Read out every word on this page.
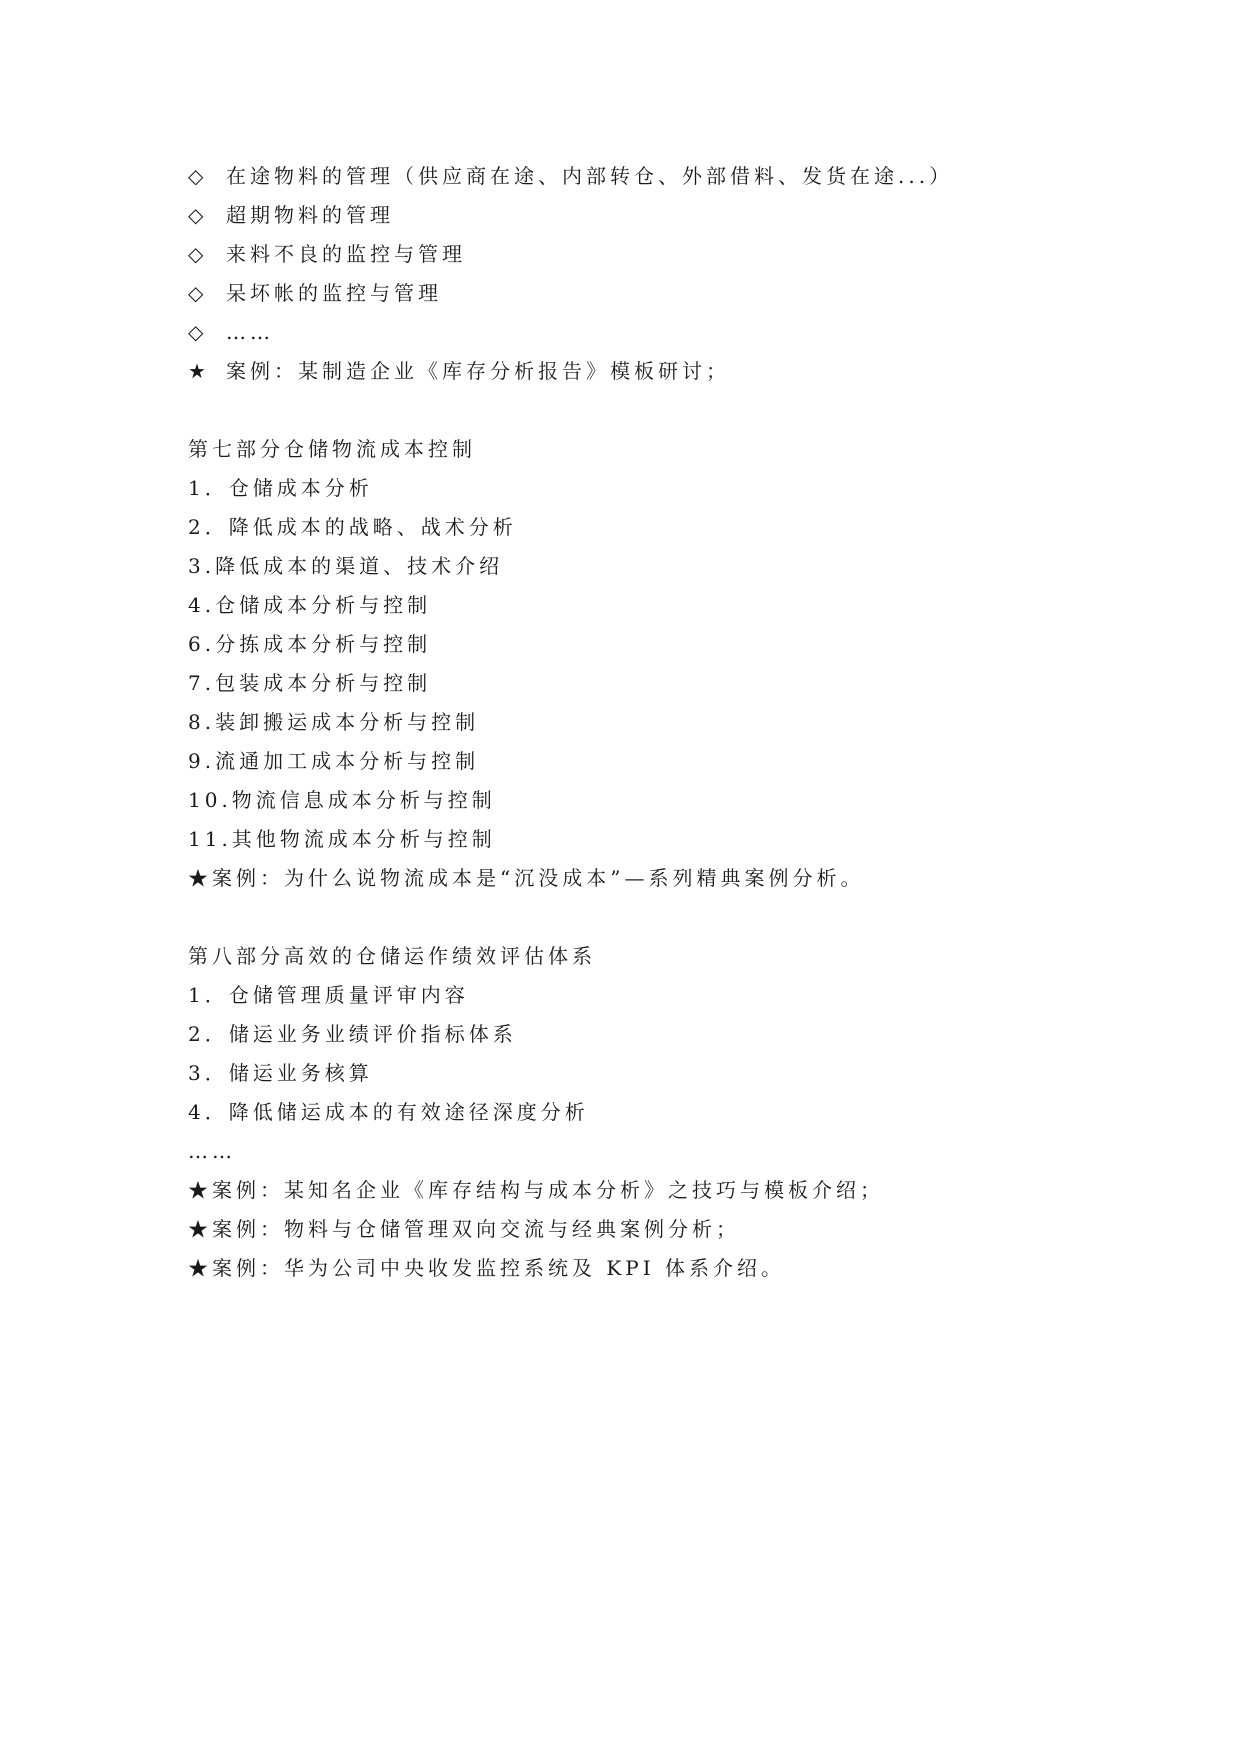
◇ 在途物料的管理（供应商在途、内部转仓、外部借料、发货在途...）
◇ 超期物料的管理
◇ 来料不良的监控与管理
◇ 呆坏帐的监控与管理
◇ ……
★ 案例：某制造企业《库存分析报告》模板研讨；
第七部分仓储物流成本控制
1．仓储成本分析
2．降低成本的战略、战术分析
3.降低成本的渠道、技术介绍
4.仓储成本分析与控制
6.分拣成本分析与控制
7.包装成本分析与控制
8.装卸搬运成本分析与控制
9.流通加工成本分析与控制
10.物流信息成本分析与控制
11.其他物流成本分析与控制
★案例：为什么说物流成本是“沉没成本”—系列精典案例分析。
第八部分高效的仓储运作绩效评估体系
1．仓储管理质量评审内容
2．储运业务业绩评价指标体系
3．储运业务核算
4．降低储运成本的有效途径深度分析
……
★案例：某知名企业《库存结构与成本分析》之技巧与模板介绍；
★案例：物料与仓储管理双向交流与经典案例分析；
★案例：华为公司中央收发监控系统及 KPI 体系介绍。
